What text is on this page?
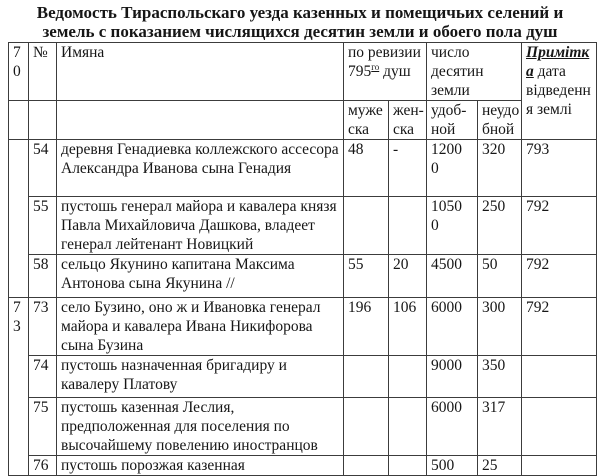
Ведомость Тираспольскаго уезда казенных и помещичьих селений и
земель с показанием числящихся десятин земли и обоего пола душ
70	№	Имяна	по ревизии $795^{го}$ душ		число десятин земли		Примітка дата відведення землі
			муже ска	жен-ска	удоб-ной	неудо бной	
	54	деревня Генадиевка коллежского ассесора Александра Иванова сына Генадия	48	-	12000	320	793
	55	пустошь генерал майора и кавалера князя Павла Михайловича Дашкова, владеет генерал лейтенант Новицкий			10500	250	792
	58	сельцо Якунино капитана Максима Антонова сына Якунина //	55	20	4500	50	792
73	73	село Бузино, оно ж и Ивановка генерал майора и кавалера Ивана Никифорова сына Бузина	196	106	6000	300	792
	74	пустошь назначенная бригадиру и кавалеру Платову			9000	350	
	75	пустошь казенная Леслия, предположенная для поселения по высочайшему повелению иностранцов			6000	317	
	76	пустошь порозжая казенная			500	25	
